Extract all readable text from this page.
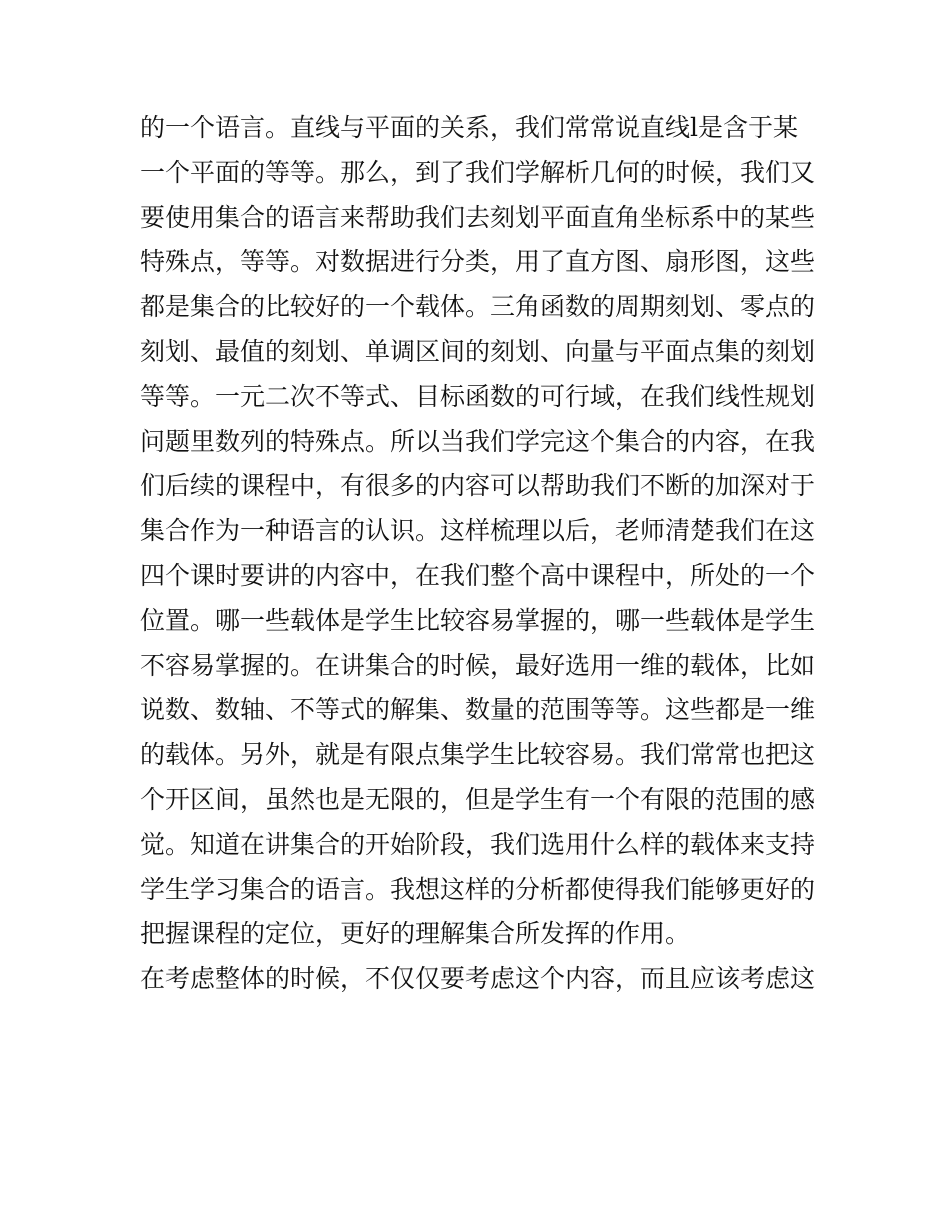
的一个语言。直线与平面的关系，我们常常说直线l是含于某
一个平面的等等。那么，到了我们学解析几何的时候，我们又
要使用集合的语言来帮助我们去刻划平面直角坐标系中的某些
特殊点，等等。对数据进行分类，用了直方图、扇形图，这些
都是集合的比较好的一个载体。三角函数的周期刻划、零点的
刻划、最值的刻划、单调区间的刻划、向量与平面点集的刻划
等等。一元二次不等式、目标函数的可行域，在我们线性规划
问题里数列的特殊点。所以当我们学完这个集合的内容，在我
们后续的课程中，有很多的内容可以帮助我们不断的加深对于
集合作为一种语言的认识。这样梳理以后，老师清楚我们在这
四个课时要讲的内容中，在我们整个高中课程中，所处的一个
位置。哪一些载体是学生比较容易掌握的，哪一些载体是学生
不容易掌握的。在讲集合的时候，最好选用一维的载体，比如
说数、数轴、不等式的解集、数量的范围等等。这些都是一维
的载体。另外，就是有限点集学生比较容易。我们常常也把这
个开区间，虽然也是无限的，但是学生有一个有限的范围的感
觉。知道在讲集合的开始阶段，我们选用什么样的载体来支持
学生学习集合的语言。我想这样的分析都使得我们能够更好的
把握课程的定位，更好的理解集合所发挥的作用。
在考虑整体的时候，不仅仅要考虑这个内容，而且应该考虑这
